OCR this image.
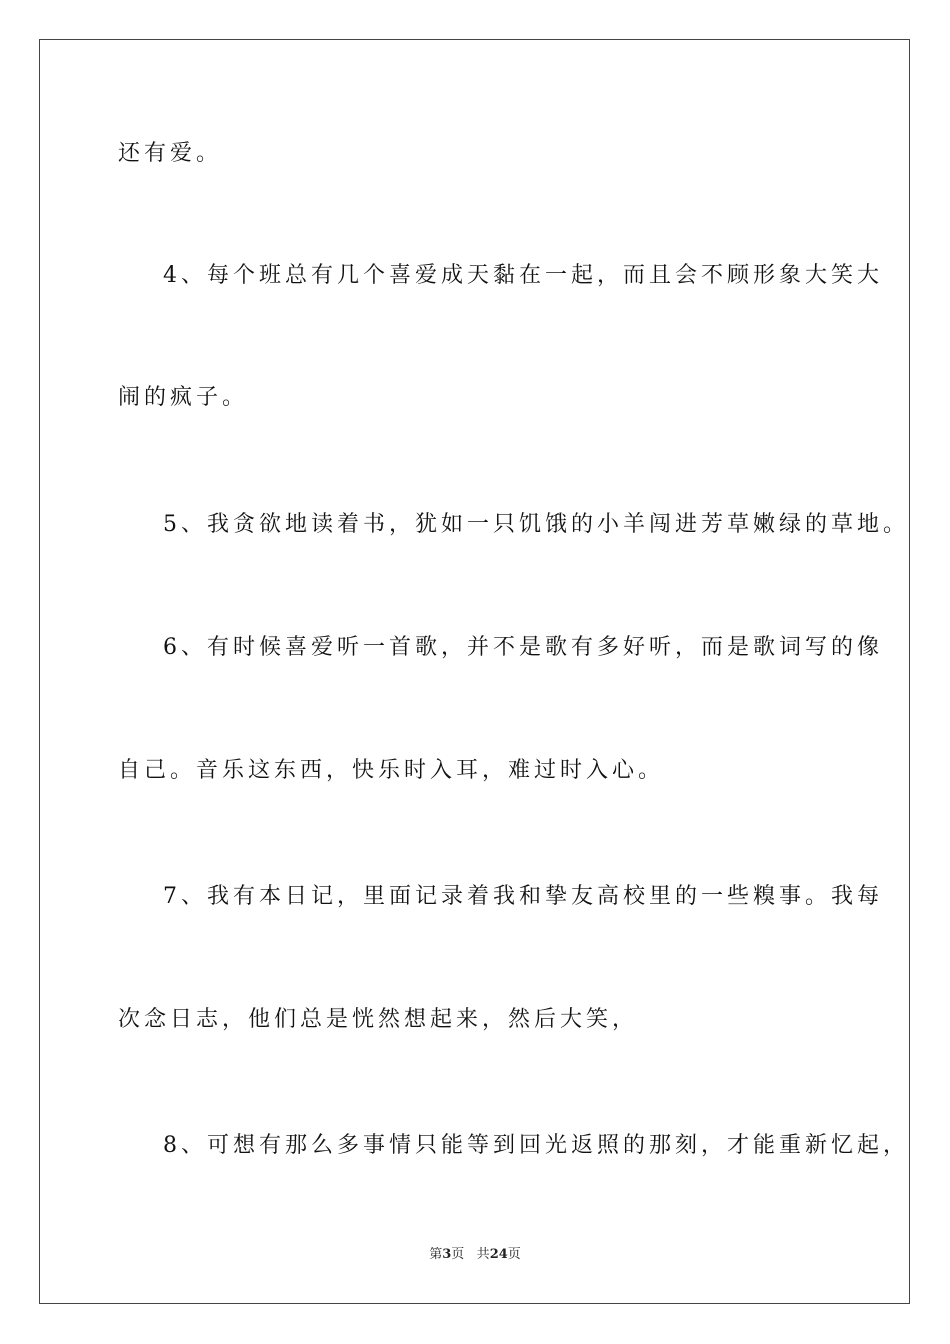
还有爱。
4、每个班总有几个喜爱成天黏在一起，而且会不顾形象大笑大
闹的疯子。
5、我贪欲地读着书，犹如一只饥饿的小羊闯进芳草嫩绿的草地。
6、有时候喜爱听一首歌，并不是歌有多好听，而是歌词写的像
自己。音乐这东西，快乐时入耳，难过时入心。
7、我有本日记，里面记录着我和挚友高校里的一些糗事。我每
次念日志，他们总是恍然想起来，然后大笑，
8、可想有那么多事情只能等到回光返照的那刻，才能重新忆起，
第3页 共24页
